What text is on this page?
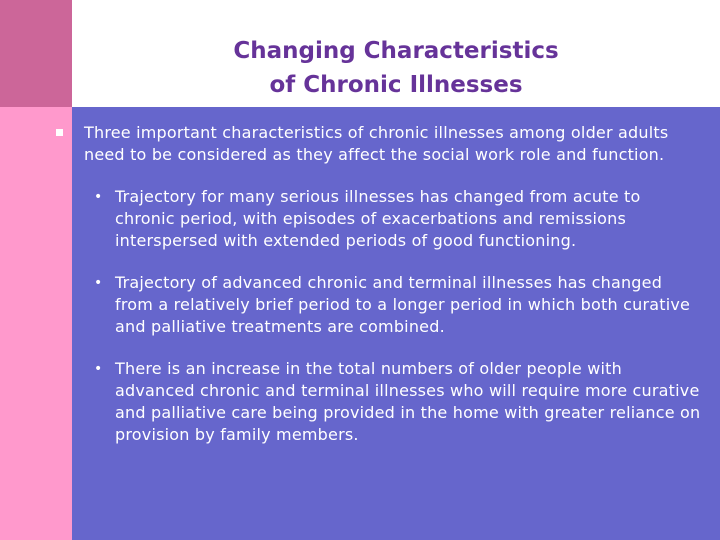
Changing Characteristics
of Chronic Illnesses
Three important characteristics of chronic illnesses among older adults need to be considered as they affect the social work role and function.
• Trajectory for many serious illnesses has changed from acute to chronic period, with episodes of exacerbations and remissions interspersed with extended periods of good functioning.
• Trajectory of advanced chronic and terminal illnesses has changed from a relatively brief period to a longer period in which both curative and palliative treatments are combined.
• There is an increase in the total numbers of older people with advanced chronic and terminal illnesses who will require more curative and palliative care being provided in the home with greater reliance on provision by family members.
